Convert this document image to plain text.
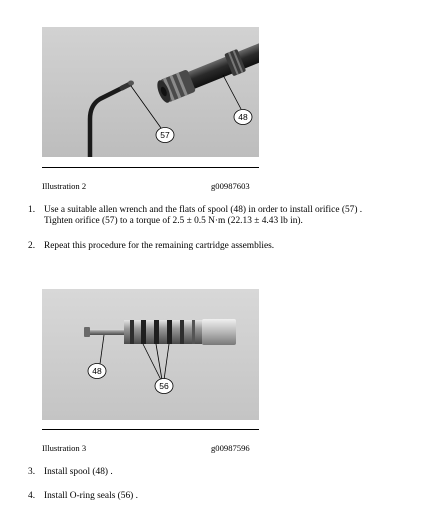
57
48
Illustration 2	g00987603
1. Use a suitable allen wrench and the flats of spool (48) in order to install orifice (57) .
Tighten orifice (57) to a torque of 2.5 ± 0.5 N·m (22.13 ± 4.43 lb in).
2. Repeat this procedure for the remaining cartridge assemblies.
48
56
Illustration 3	g00987596
3. Install spool (48) .
4. Install O-ring seals (56) .
